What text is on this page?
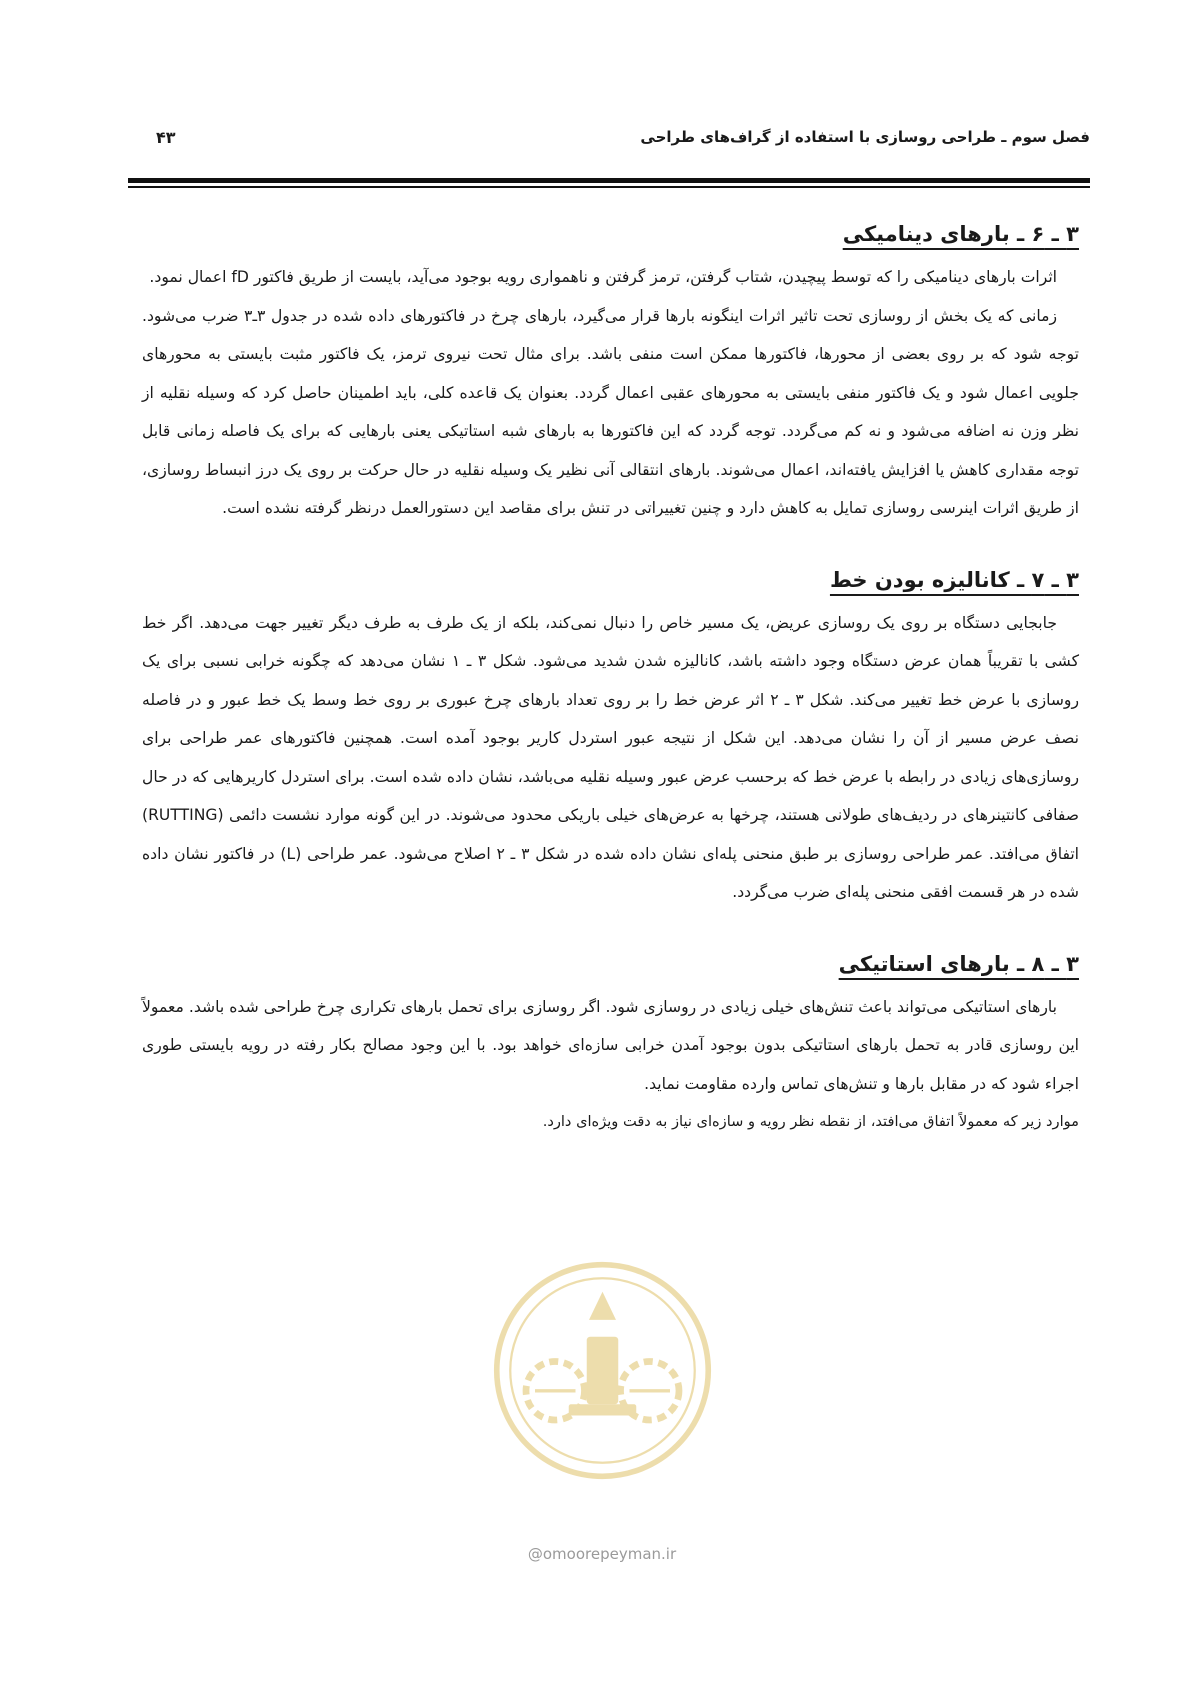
فصل سوم ـ طراحی روسازی با استفاده از گراف‌های طراحی
۴۳
۳ ـ ۶ ـ بارهای دینامیکی

اثرات بارهای دینامیکی را که توسط پیچیدن، شتاب گرفتن، ترمز گرفتن و ناهمواری رویه بوجود می‌آید، بایست از طریق فاکتور fD اعمال نمود.

زمانی که یک بخش از روسازی تحت تاثیر اثرات اینگونه بارها قرار می‌گیرد، بارهای چرخ در فاکتورهای داده شده در جدول ۳ـ۳ ضرب می‌شود. توجه شود که بر روی بعضی از محورها، فاکتورها ممکن است منفی باشد. برای مثال تحت نیروی ترمز، یک فاکتور مثبت بایستی به محورهای جلویی اعمال شود و یک فاکتور منفی بایستی به محورهای عقبی اعمال گردد. بعنوان یک قاعده کلی، باید اطمینان حاصل کرد که وسیله نقلیه از نظر وزن نه اضافه می‌شود و نه کم می‌گردد. توجه گردد که این فاکتورها به بارهای شبه استاتیکی یعنی بارهایی که برای یک فاصله زمانی قابل توجه مقداری کاهش یا افزایش یافته‌اند، اعمال می‌شوند. بارهای انتقالی آنی نظیر یک وسیله نقلیه در حال حرکت بر روی یک درز انبساط روسازی، از طریق اثرات اینرسی روسازی تمایل به کاهش دارد و چنین تغییراتی در تنش برای مقاصد این دستورالعمل درنظر گرفته نشده است.

۳ ـ ۷ ـ کانالیزه بودن خط

جابجایی دستگاه بر روی یک روسازی عریض، یک مسیر خاص را دنبال نمی‌کند، بلکه از یک طرف به طرف دیگر تغییر جهت می‌دهد. اگر خط کشی با تقریباً همان عرض دستگاه وجود داشته باشد، کانالیزه شدن شدید می‌شود. شکل ۳ ـ ۱ نشان می‌دهد که چگونه خرابی نسبی برای یک روسازی با عرض خط تغییر می‌کند. شکل ۳ ـ ۲ اثر عرض خط را بر روی تعداد بارهای چرخ عبوری بر روی خط وسط یک خط عبور و در فاصله نصف عرض مسیر از آن را نشان می‌دهد. این شکل از نتیجه عبور استردل کاریر بوجود آمده است. همچنین فاکتورهای عمر طراحی برای روسازی‌های زیادی در رابطه با عرض خط که برحسب عرض عبور وسیله نقلیه می‌باشد، نشان داده شده است. برای استردل کاریرهایی که در حال صفافی کانتینرهای در ردیف‌های طولانی هستند، چرخها به عرض‌های خیلی باریکی محدود می‌شوند. در این گونه موارد نشست دائمی (RUTTING) اتفاق می‌افتد. عمر طراحی روسازی بر طبق منحنی پله‌ای نشان داده شده در شکل ۳ ـ ۲ اصلاح می‌شود. عمر طراحی (L) در فاکتور نشان داده شده در هر قسمت افقی منحنی پله‌ای ضرب می‌گردد.

۳ ـ ۸ ـ بارهای استاتیکی

بارهای استاتیکی می‌تواند باعث تنش‌های خیلی زیادی در روسازی شود. اگر روسازی برای تحمل بارهای تکراری چرخ طراحی شده باشد. معمولاً این روسازی قادر به تحمل بارهای استاتیکی بدون بوجود آمدن خرابی سازه‌ای خواهد بود. با این وجود مصالح بکار رفته در رویه بایستی طوری اجراء شود که در مقابل بارها و تنش‌های تماس وارده مقاومت نماید.

موارد زیر که معمولاً اتفاق می‌افتد، از نقطه نظر رویه و سازه‌ای نیاز به دقت ویژه‌ای دارد.

@omoorepeyman.ir
